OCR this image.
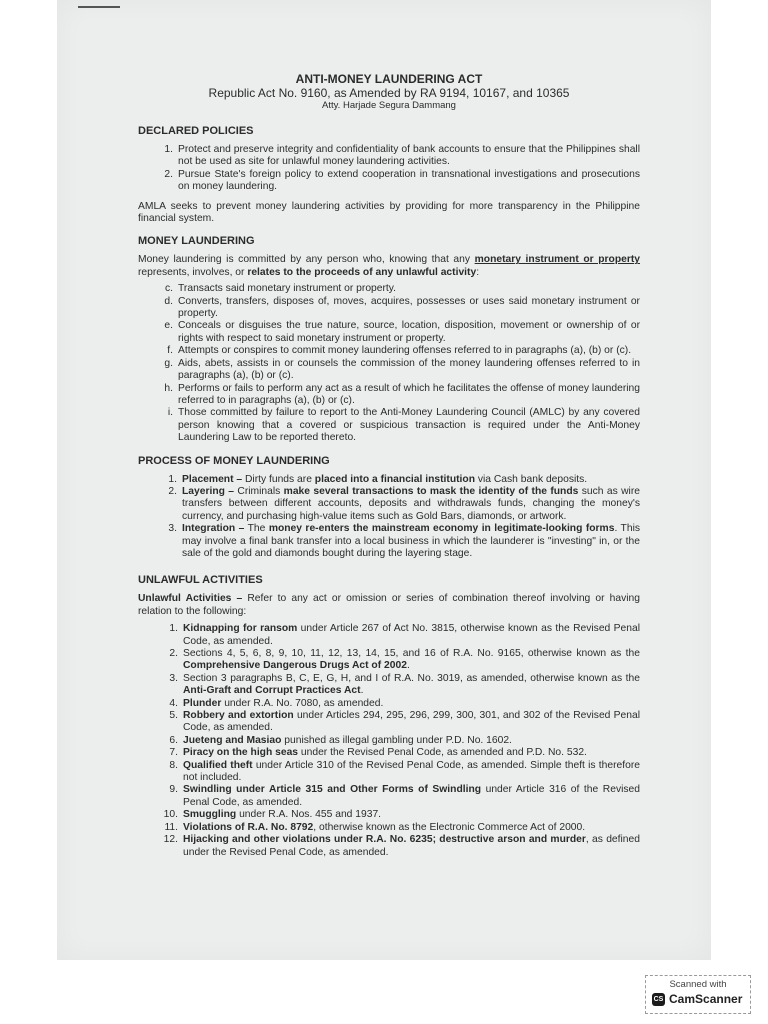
ANTI-MONEY LAUNDERING ACT
Republic Act No. 9160, as Amended by RA 9194, 10167, and 10365
Atty. Harjade Segura Dammang
DECLARED POLICIES
1. Protect and preserve integrity and confidentiality of bank accounts to ensure that the Philippines shall not be used as site for unlawful money laundering activities.
2. Pursue State's foreign policy to extend cooperation in transnational investigations and prosecutions on money laundering.

AMLA seeks to prevent money laundering activities by providing for more transparency in the Philippine financial system.

MONEY LAUNDERING

Money laundering is committed by any person who, knowing that any monetary instrument or property represents, involves, or relates to the proceeds of any unlawful activity:

c. Transacts said monetary instrument or property.
d. Converts, transfers, disposes of, moves, acquires, possesses or uses said monetary instrument or property.
e. Conceals or disguises the true nature, source, location, disposition, movement or ownership of or rights with respect to said monetary instrument or property.
f. Attempts or conspires to commit money laundering offenses referred to in paragraphs (a), (b) or (c).
g. Aids, abets, assists in or counsels the commission of the money laundering offenses referred to in paragraphs (a), (b) or (c).
h. Performs or fails to perform any act as a result of which he facilitates the offense of money laundering referred to in paragraphs (a), (b) or (c).
i. Those committed by failure to report to the Anti-Money Laundering Council (AMLC) by any covered person knowing that a covered or suspicious transaction is required under the Anti-Money Laundering Law to be reported thereto.
PROCESS OF MONEY LAUNDERING
1. Placement – Dirty funds are placed into a financial institution via Cash bank deposits.
2. Layering – Criminals make several transactions to mask the identity of the funds such as wire transfers between different accounts, deposits and withdrawals funds, changing the money's currency, and purchasing high-value items such as Gold Bars, diamonds, or artwork.
3. Integration – The money re-enters the mainstream economy in legitimate-looking forms. This may involve a final bank transfer into a local business in which the launderer is "investing" in, or the sale of the gold and diamonds bought during the layering stage.
UNLAWFUL ACTIVITIES

Unlawful Activities – Refer to any act or omission or series of combination thereof involving or having relation to the following:

1. Kidnapping for ransom under Article 267 of Act No. 3815, otherwise known as the Revised Penal Code, as amended.
2. Sections 4, 5, 6, 8, 9, 10, 11, 12, 13, 14, 15, and 16 of R.A. No. 9165, otherwise known as the Comprehensive Dangerous Drugs Act of 2002.
3. Section 3 paragraphs B, C, E, G, H, and I of R.A. No. 3019, as amended, otherwise known as the Anti-Graft and Corrupt Practices Act.
4. Plunder under R.A. No. 7080, as amended.
5. Robbery and extortion under Articles 294, 295, 296, 299, 300, 301, and 302 of the Revised Penal Code, as amended.
6. Jueteng and Masiao punished as illegal gambling under P.D. No. 1602.
7. Piracy on the high seas under the Revised Penal Code, as amended and P.D. No. 532.
8. Qualified theft under Article 310 of the Revised Penal Code, as amended. Simple theft is therefore not included.
9. Swindling under Article 315 and Other Forms of Swindling under Article 316 of the Revised Penal Code, as amended.
10. Smuggling under R.A. Nos. 455 and 1937.
11. Violations of R.A. No. 8792, otherwise known as the Electronic Commerce Act of 2000.
12. Hijacking and other violations under R.A. No. 6235; destructive arson and murder, as defined under the Revised Penal Code, as amended.
Scanned with
CS CamScanner
